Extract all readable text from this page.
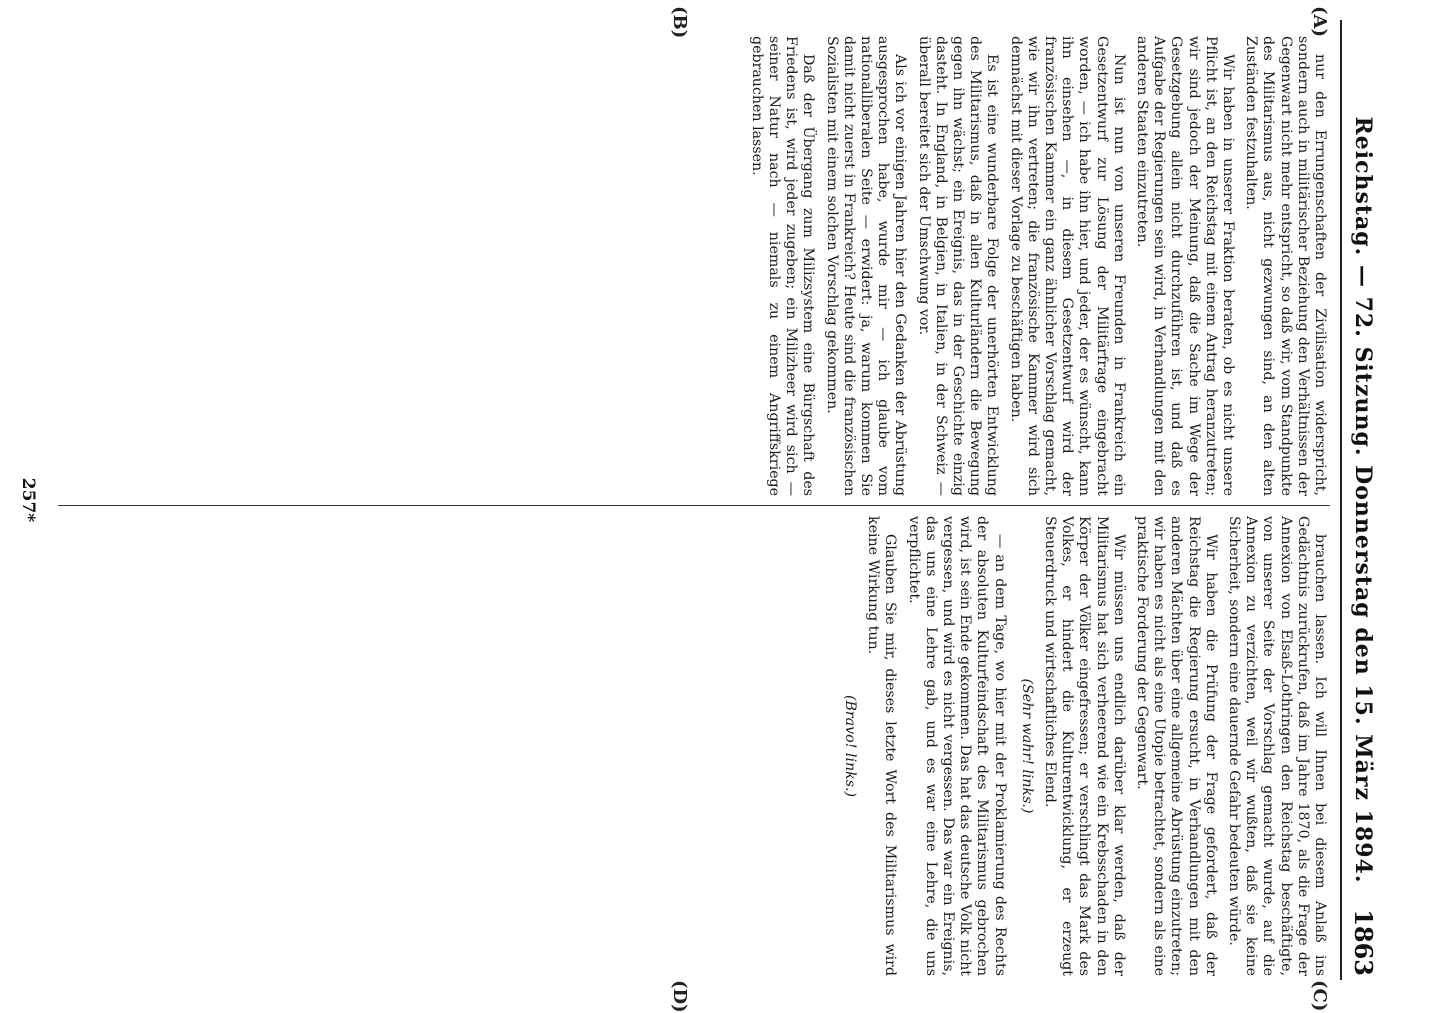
Reichstag. — 72. Sitzung. Donnerstag den 15. März 1894.
1863
(A)
(B)
(C)
(D)

nur den Errungenschaften der Zivilisation widerspricht, sondern auch in militärischer Beziehung den Verhältnissen der Gegenwart nicht mehr entspricht, so daß wir, vom Standpunkte des Militarismus aus, nicht gezwungen sind, an den alten Zuständen festzuhalten.

Wir haben in unserer Fraktion beraten, ob es nicht unsere Pflicht ist, an den Reichstag mit einem Antrag heranzutreten; wir sind jedoch der Meinung, daß die Sache im Wege der Gesetzgebung allein nicht durchzuführen ist, und daß es Aufgabe der Regierungen sein wird, in Verhandlungen mit den anderen Staaten einzutreten.

Nun ist nun von unseren Freunden in Frankreich ein Gesetzentwurf zur Lösung der Militärfrage eingebracht worden, — ich habe ihn hier, und jeder, der es wünscht, kann ihn einsehen —, in diesem Gesetzentwurf wird der französischen Kammer ein ganz ähnlicher Vorschlag gemacht, wie wir ihn vertreten; die französische Kammer wird sich demnächst mit dieser Vorlage zu beschäftigen haben.

Es ist eine wunderbare Folge der unerhörten Entwicklung des Militarismus, daß in allen Kulturländern die Bewegung gegen ihn wächst; ein Ereignis, das in der Geschichte einzig dasteht. In England, in Belgien, in Italien, in der Schweiz — überall bereitet sich der Umschwung vor.

Als ich vor einigen Jahren hier den Gedanken der Abrüstung ausgesprochen habe, wurde mir — ich glaube vom nationalliberalen Seite — erwidert: ja, warum kommen Sie damit nicht zuerst in Frankreich? Heute sind die französischen Sozialisten mit einem solchen Vorschlag gekommen.

Daß der Übergang zum Milizsystem eine Bürgschaft des Friedens ist, wird jeder zugeben; ein Milizheer wird sich — seiner Natur nach — niemals zu einem Angriffskriege gebrauchen lassen.

brauchen lassen. Ich will Ihnen bei diesem Anlaß ins Gedächtnis zurückrufen, daß im Jahre 1870, als die Frage der Annexion von Elsaß-Lothringen den Reichstag beschäftigte, von unserer Seite der Vorschlag gemacht wurde, auf die Annexion zu verzichten, weil wir wußten, daß sie keine Sicherheit, sondern eine dauernde Gefahr bedeuten würde.

Wir haben die Prüfung der Frage gefordert, daß der Reichstag die Regierung ersucht, in Verhandlungen mit den anderen Mächten über eine allgemeine Abrüstung einzutreten; wir haben es nicht als eine Utopie betrachtet, sondern als eine praktische Forderung der Gegenwart.

Wir müssen uns endlich darüber klar werden, daß der Militarismus hat sich verheerend wie ein Krebsschaden in den Körper der Völker eingefressen; er verschlingt das Mark des Volkes, er hindert die Kulturentwicklung, er erzeugt Steuerdruck und wirtschaftliches Elend.

(Sehr wahr! links.)

— an dem Tage, wo hier mit der Proklamierung des Rechts der absoluten Kulturfeindschaft des Militarismus gebrochen wird, ist sein Ende gekommen. Das hat das deutsche Volk nicht vergessen, und wird es nicht vergessen. Das war ein Ereignis, das uns eine Lehre gab, und es war eine Lehre, die uns verpflichtet.

Glauben Sie mir, dieses letzte Wort des Militarismus wird keine Wirkung tun.

(Bravo! links.)

257*
